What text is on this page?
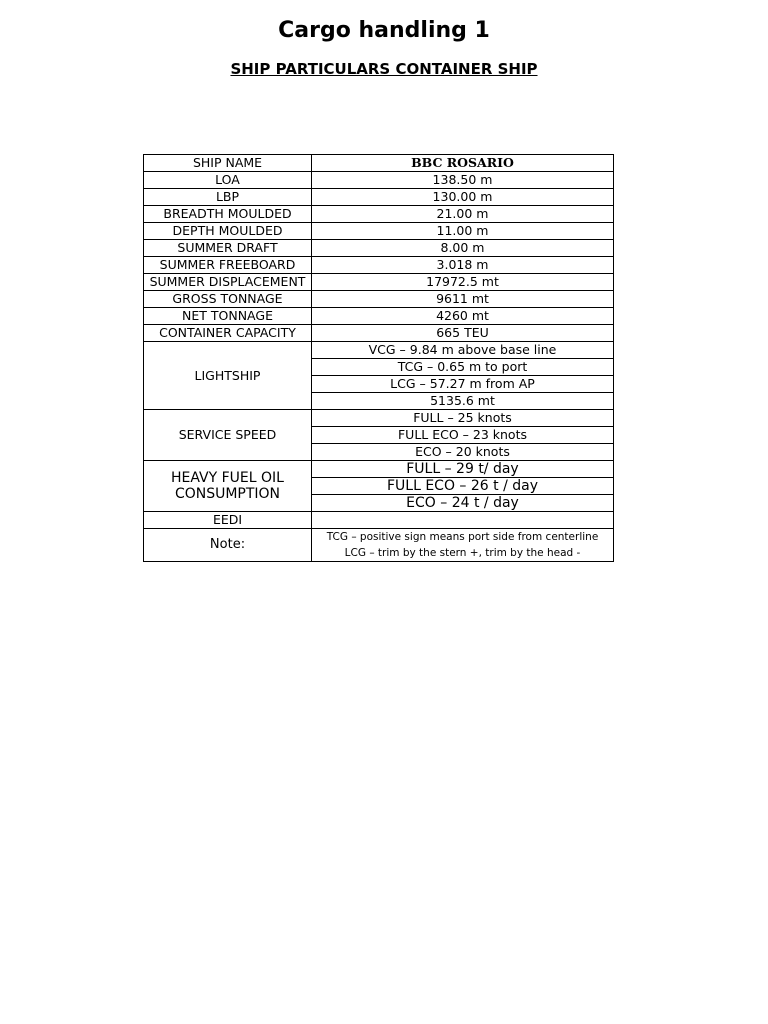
Cargo handling 1
SHIP PARTICULARS CONTAINER SHIP
SHIP NAME	BBC ROSARIO
LOA	138.50 m
LBP	130.00 m
BREADTH MOULDED	21.00 m
DEPTH MOULDED	11.00 m
SUMMER DRAFT	8.00 m
SUMMER FREEBOARD	3.018 m
SUMMER DISPLACEMENT	17972.5 mt
GROSS TONNAGE	9611 mt
NET TONNAGE	4260 mt
CONTAINER CAPACITY	665 TEU
LIGHTSHIP	VCG – 9.84 m above base line
	TCG – 0.65 m to port
	LCG – 57.27 m from AP
	5135.6 mt
SERVICE SPEED	FULL – 25 knots
	FULL ECO – 23 knots
	ECO – 20 knots
HEAVY FUEL OIL
CONSUMPTION	FULL – 29 t/ day
	FULL ECO – 26 t / day
	ECO – 24 t / day
EEDI	
Note:	TCG – positive sign means port side from centerline
LCG – trim by the stern +, trim by the head -
